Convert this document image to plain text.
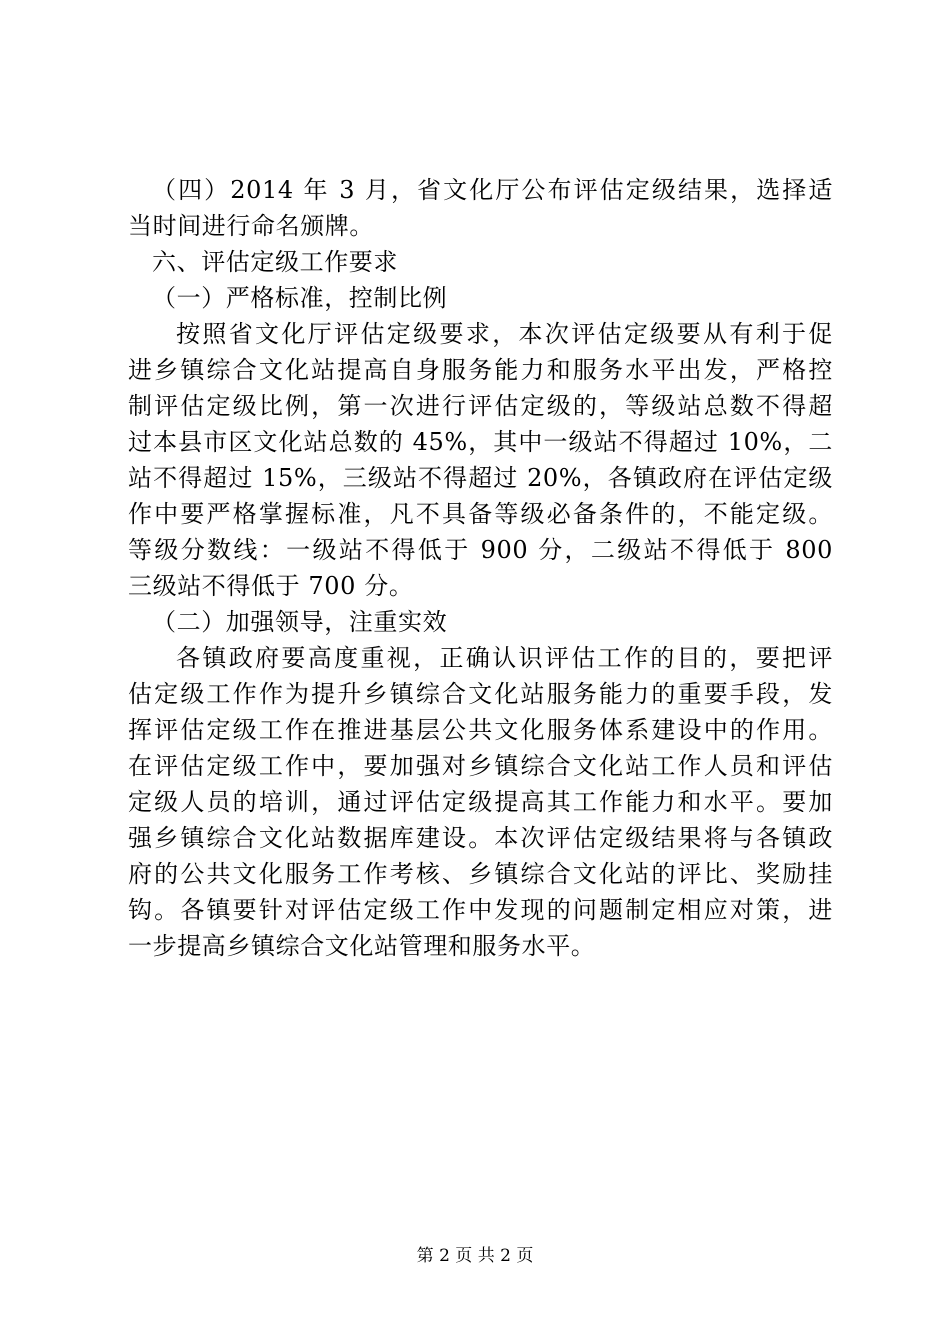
（四）2014 年 3 月，省文化厅公布评估定级结果，选择适
当时间进行命名颁牌。
六、评估定级工作要求
（一）严格标准，控制比例
按照省文化厅评估定级要求，本次评估定级要从有利于促
进乡镇综合文化站提高自身服务能力和服务水平出发，严格控
制评估定级比例，第一次进行评估定级的，等级站总数不得超
过本县市区文化站总数的 45%，其中一级站不得超过 10%，二
站不得超过 15%，三级站不得超过 20%，各镇政府在评估定级
作中要严格掌握标准，凡不具备等级必备条件的，不能定级。
等级分数线：一级站不得低于 900 分，二级站不得低于 800
三级站不得低于 700 分。
（二）加强领导，注重实效
各镇政府要高度重视，正确认识评估工作的目的，要把评
估定级工作作为提升乡镇综合文化站服务能力的重要手段，发
挥评估定级工作在推进基层公共文化服务体系建设中的作用。
在评估定级工作中，要加强对乡镇综合文化站工作人员和评估
定级人员的培训，通过评估定级提高其工作能力和水平。要加
强乡镇综合文化站数据库建设。本次评估定级结果将与各镇政
府的公共文化服务工作考核、乡镇综合文化站的评比、奖励挂
钩。各镇要针对评估定级工作中发现的问题制定相应对策，进
一步提高乡镇综合文化站管理和服务水平。
第 2 页 共 2 页
